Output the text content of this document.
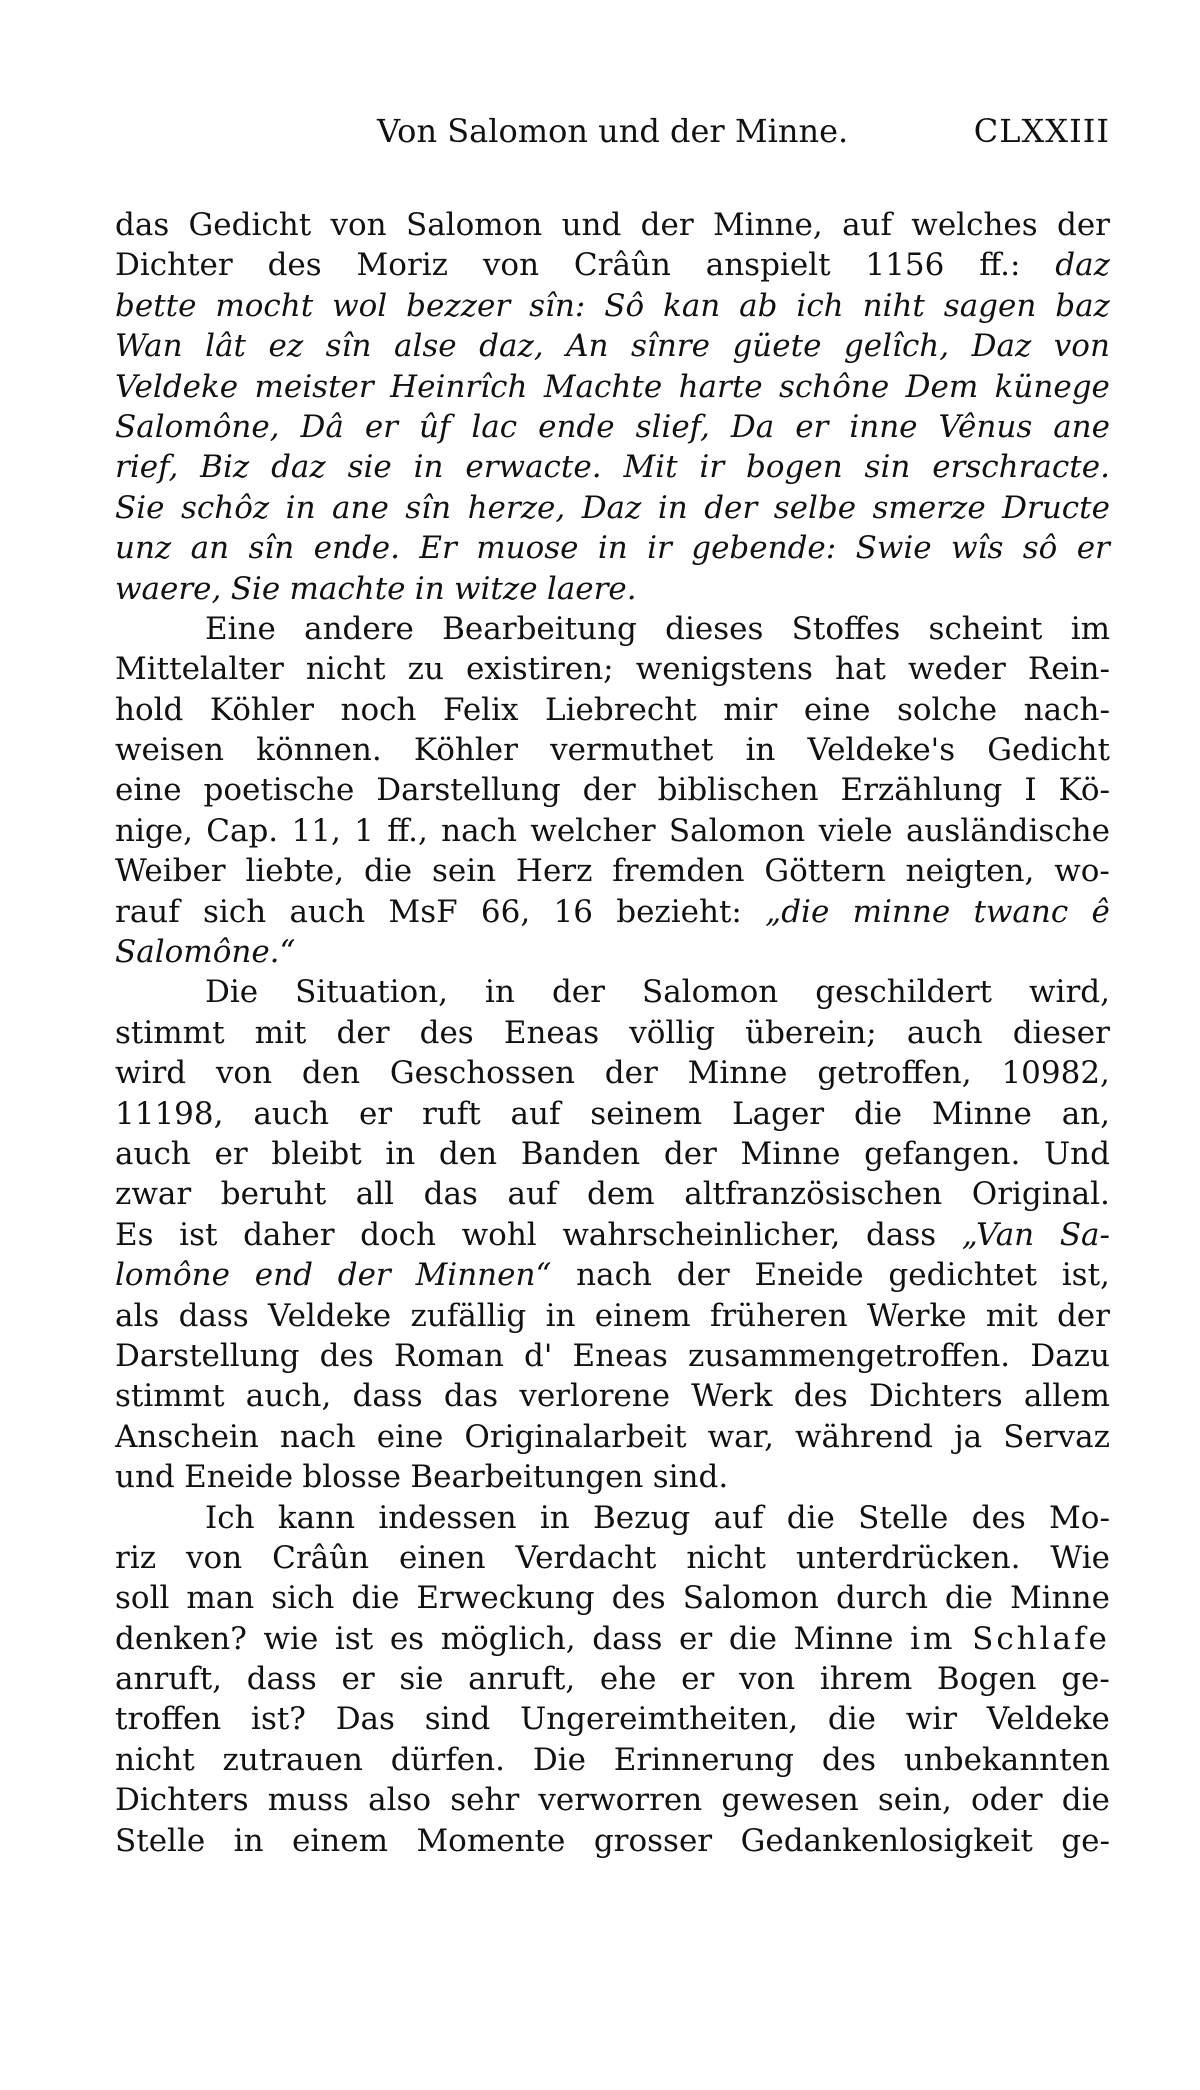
Von Salomon und der Minne.	CLXXIII
das Gedicht von Salomon und der Minne, auf welches der
Dichter des Moriz von Crâûn anspielt 1156 ff.: daz
bette mocht wol bezzer sîn: Sô kan ab ich niht sagen baz
Wan lât ez sîn alse daz, An sînre güete gelîch, Daz von
Veldeke meister Heinrîch Machte harte schône Dem künege
Salomône, Dâ er ûf lac ende slief, Da er inne Vênus ane
rief, Biz daz sie in erwacte. Mit ir bogen sin erschracte.
Sie schôz in ane sîn herze, Daz in der selbe smerze Dructe
unz an sîn ende. Er muose in ir gebende: Swie wîs sô er
waere, Sie machte in witze laere.
Eine andere Bearbeitung dieses Stoffes scheint im
Mittelalter nicht zu existiren; wenigstens hat weder Rein-
hold Köhler noch Felix Liebrecht mir eine solche nach-
weisen können. Köhler vermuthet in Veldeke's Gedicht
eine poetische Darstellung der biblischen Erzählung I Kö-
nige, Cap. 11, 1 ff., nach welcher Salomon viele ausländische
Weiber liebte, die sein Herz fremden Göttern neigten, wo-
rauf sich auch MsF 66, 16 bezieht: „die minne twanc ê
Salomône.“
Die Situation, in der Salomon geschildert wird,
stimmt mit der des Eneas völlig überein; auch dieser
wird von den Geschossen der Minne getroffen, 10982,
11198, auch er ruft auf seinem Lager die Minne an,
auch er bleibt in den Banden der Minne gefangen. Und
zwar beruht all das auf dem altfranzösischen Original.
Es ist daher doch wohl wahrscheinlicher, dass „Van Sa-
lomône end der Minnen“ nach der Eneide gedichtet ist,
als dass Veldeke zufällig in einem früheren Werke mit der
Darstellung des Roman d' Eneas zusammengetroffen. Dazu
stimmt auch, dass das verlorene Werk des Dichters allem
Anschein nach eine Originalarbeit war, während ja Servaz
und Eneide blosse Bearbeitungen sind.
Ich kann indessen in Bezug auf die Stelle des Mo-
riz von Crâûn einen Verdacht nicht unterdrücken. Wie
soll man sich die Erweckung des Salomon durch die Minne
denken? wie ist es möglich, dass er die Minne im Schlafe
anruft, dass er sie anruft, ehe er von ihrem Bogen ge-
troffen ist? Das sind Ungereimtheiten, die wir Veldeke
nicht zutrauen dürfen. Die Erinnerung des unbekannten
Dichters muss also sehr verworren gewesen sein, oder die
Stelle in einem Momente grosser Gedankenlosigkeit ge-
